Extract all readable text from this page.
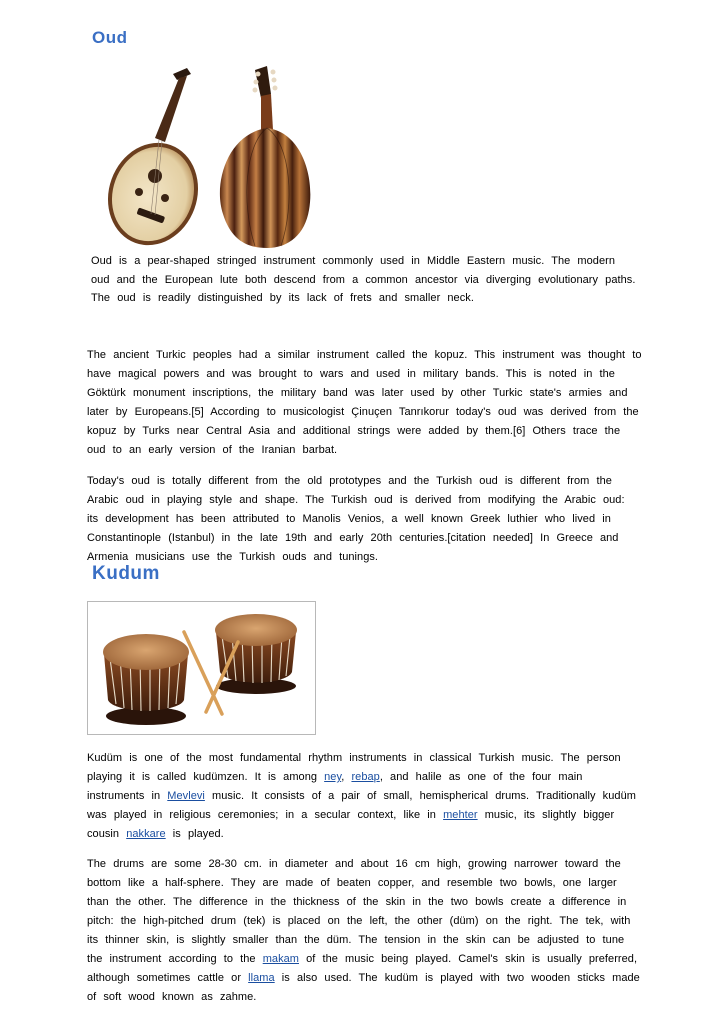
Oud

Oud is a pear-shaped stringed instrument commonly used in Middle Eastern music. The modern
oud and the European lute both descend from a common ancestor via diverging evolutionary paths.
The oud is readily distinguished by its lack of frets and smaller neck.

The ancient Turkic peoples had a similar instrument called the kopuz. This instrument was thought to
have magical powers and was brought to wars and used in military bands. This is noted in the
Göktürk monument inscriptions, the military band was later used by other Turkic state's armies and
later by Europeans.[5] According to musicologist Çinuçen Tanrıkorur today's oud was derived from the
kopuz by Turks near Central Asia and additional strings were added by them.[6] Others trace the
oud to an early version of the Iranian barbat.

Today's oud is totally different from the old prototypes and the Turkish oud is different from the
Arabic oud in playing style and shape. The Turkish oud is derived from modifying the Arabic oud:
its development has been attributed to Manolis Venios, a well known Greek luthier who lived in
Constantinople (Istanbul) in the late 19th and early 20th centuries.[citation needed] In Greece and
Armenia musicians use the Turkish ouds and tunings.

Kudum

Kudüm is one of the most fundamental rhythm instruments in classical Turkish music. The person
playing it is called kudümzen. It is among ney, rebap, and halile as one of the four main
instruments in Mevlevi music. It consists of a pair of small, hemispherical drums. Traditionally kudüm
was played in religious ceremonies; in a secular context, like in mehter music, its slightly bigger
cousin nakkare is played.

The drums are some 28-30 cm. in diameter and about 16 cm high, growing narrower toward the
bottom like a half-sphere. They are made of beaten copper, and resemble two bowls, one larger
than the other. The difference in the thickness of the skin in the two bowls create a difference in
pitch: the high-pitched drum (tek) is placed on the left, the other (düm) on the right. The tek, with
its thinner skin, is slightly smaller than the düm. The tension in the skin can be adjusted to tune
the instrument according to the makam of the music being played. Camel's skin is usually preferred,
although sometimes cattle or llama is also used. The kudüm is played with two wooden sticks made
of soft wood known as zahme.
